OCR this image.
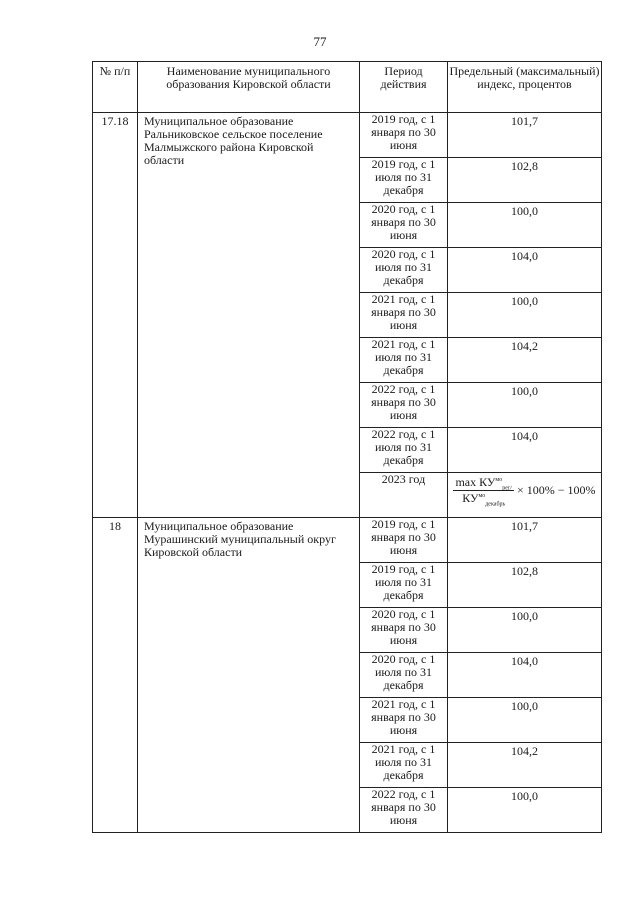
77
№ п/п	Наименование муниципального образования Кировской области	Период действия	Предельный (максимальный) индекс, процентов
17.18	Муниципальное образование Ральниковское сельское поселение Малмыжского района Кировской области	2019 год, с 1 января по 30 июня	101,7
		2019 год, с 1 июля по 31 декабря	102,8
		2020 год, с 1 января по 30 июня	100,0
		2020 год, с 1 июля по 31 декабря	104,0
		2021 год, с 1 января по 30 июня	100,0
		2021 год, с 1 июля по 31 декабря	104,2
		2022 год, с 1 января по 30 июня	100,0
		2022 год, с 1 июля по 31 декабря	104,0
		2023 год	$\frac{\max КУ^{мо}_{рег/}}{КУ^{мо}_{декабрь}} \times 100\% - 100\%$
18	Муниципальное образование Мурашинский муниципальный округ Кировской области	2019 год, с 1 января по 30 июня	101,7
		2019 год, с 1 июля по 31 декабря	102,8
		2020 год, с 1 января по 30 июня	100,0
		2020 год, с 1 июля по 31 декабря	104,0
		2021 год, с 1 января по 30 июня	100,0
		2021 год, с 1 июля по 31 декабря	104,2
		2022 год, с 1 января по 30 июня	100,0
